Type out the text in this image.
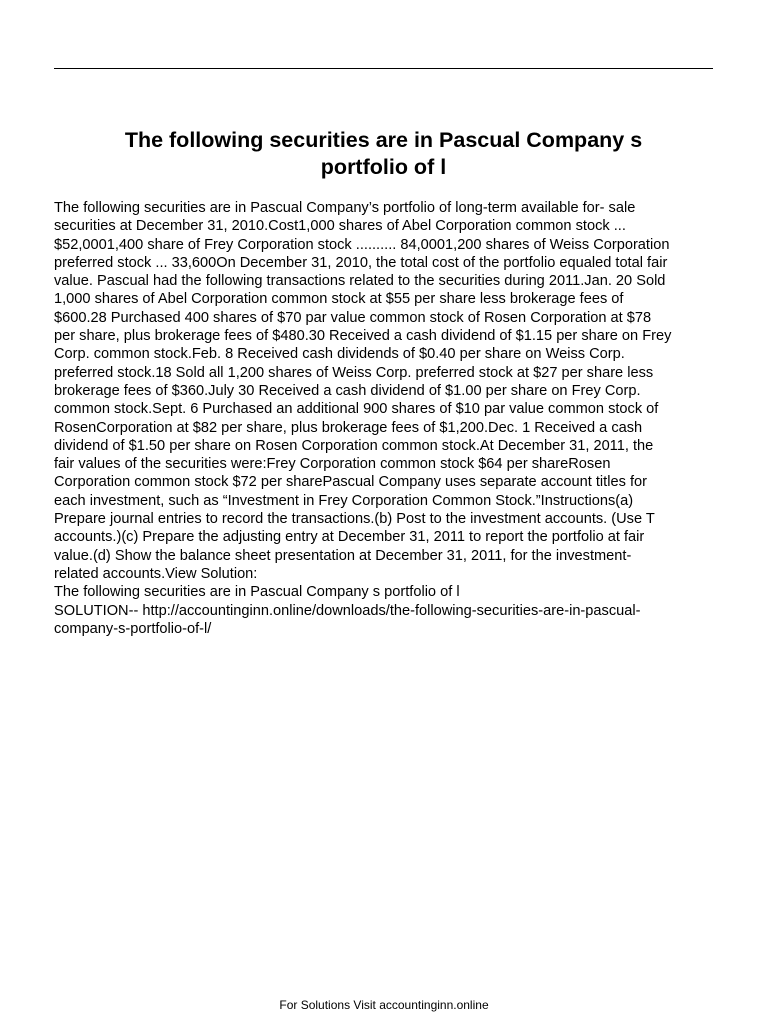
The following securities are in Pascual Company s
portfolio of l

The following securities are in Pascual Company’s portfolio of long-term available for- sale

securities at December 31, 2010.Cost1,000 shares of Abel Corporation common stock ...

$52,0001,400 share of Frey Corporation stock .......... 84,0001,200 shares of Weiss Corporation

preferred stock ... 33,600On December 31, 2010, the total cost of the portfolio equaled total fair

value. Pascual had the following transactions related to the securities during 2011.Jan. 20 Sold

1,000 shares of Abel Corporation common stock at $55 per share less brokerage fees of

$600.28 Purchased 400 shares of $70 par value common stock of Rosen Corporation at $78

per share, plus brokerage fees of $480.30 Received a cash dividend of $1.15 per share on Frey

Corp. common stock.Feb. 8 Received cash dividends of $0.40 per share on Weiss Corp.

preferred stock.18 Sold all 1,200 shares of Weiss Corp. preferred stock at $27 per share less

brokerage fees of $360.July 30 Received a cash dividend of $1.00 per share on Frey Corp.

common stock.Sept. 6 Purchased an additional 900 shares of $10 par value common stock of

RosenCorporation at $82 per share, plus brokerage fees of $1,200.Dec. 1 Received a cash

dividend of $1.50 per share on Rosen Corporation common stock.At December 31, 2011, the

fair values of the securities were:Frey Corporation common stock $64 per shareRosen

Corporation common stock $72 per sharePascual Company uses separate account titles for

each investment, such as “Investment in Frey Corporation Common Stock.”Instructions(a)

Prepare journal entries to record the transactions.(b) Post to the investment accounts. (Use T

accounts.)(c) Prepare the adjusting entry at December 31, 2011 to report the portfolio at fair

value.(d) Show the balance sheet presentation at December 31, 2011, for the investment-

related accounts.View Solution:

The following securities are in Pascual Company s portfolio of l

SOLUTION-- http://accountinginn.online/downloads/the-following-securities-are-in-pascual-

company-s-portfolio-of-l/

For Solutions Visit accountinginn.online
